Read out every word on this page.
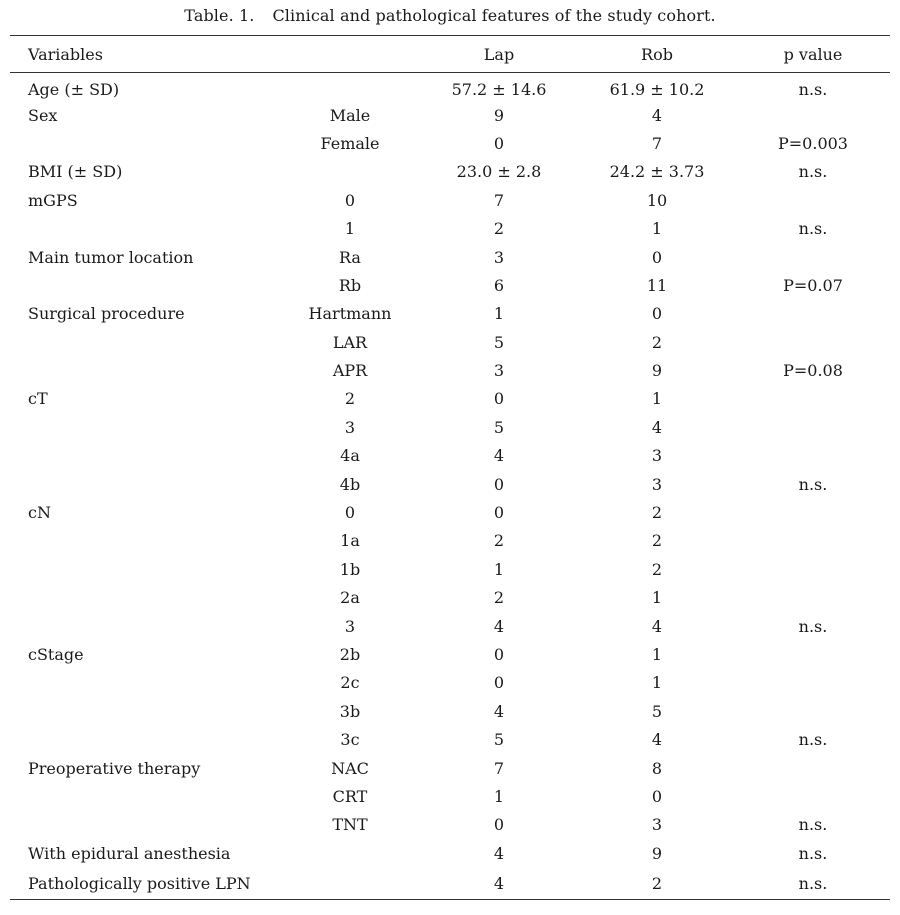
Table. 1. Clinical and pathological features of the study cohort.
Variables		Lap	Rob	p value
Age (± SD)		57.2 ± 14.6	61.9 ± 10.2	n.s.
Sex	Male	9	4	
	Female	0	7	P=0.003
BMI (± SD)		23.0 ± 2.8	24.2 ± 3.73	n.s.
mGPS	0	7	10	
	1	2	1	n.s.
Main tumor location	Ra	3	0	
	Rb	6	11	P=0.07
Surgical procedure	Hartmann	1	0	
	LAR	5	2	
	APR	3	9	P=0.08
cT	2	0	1	
	3	5	4	
	4a	4	3	
	4b	0	3	n.s.
cN	0	0	2	
	1a	2	2	
	1b	1	2	
	2a	2	1	
	3	4	4	n.s.
cStage	2b	0	1	
	2c	0	1	
	3b	4	5	
	3c	5	4	n.s.
Preoperative therapy	NAC	7	8	
	CRT	1	0	
	TNT	0	3	n.s.
With epidural anesthesia		4	9	n.s.
Pathologically positive LPN		4	2	n.s.
